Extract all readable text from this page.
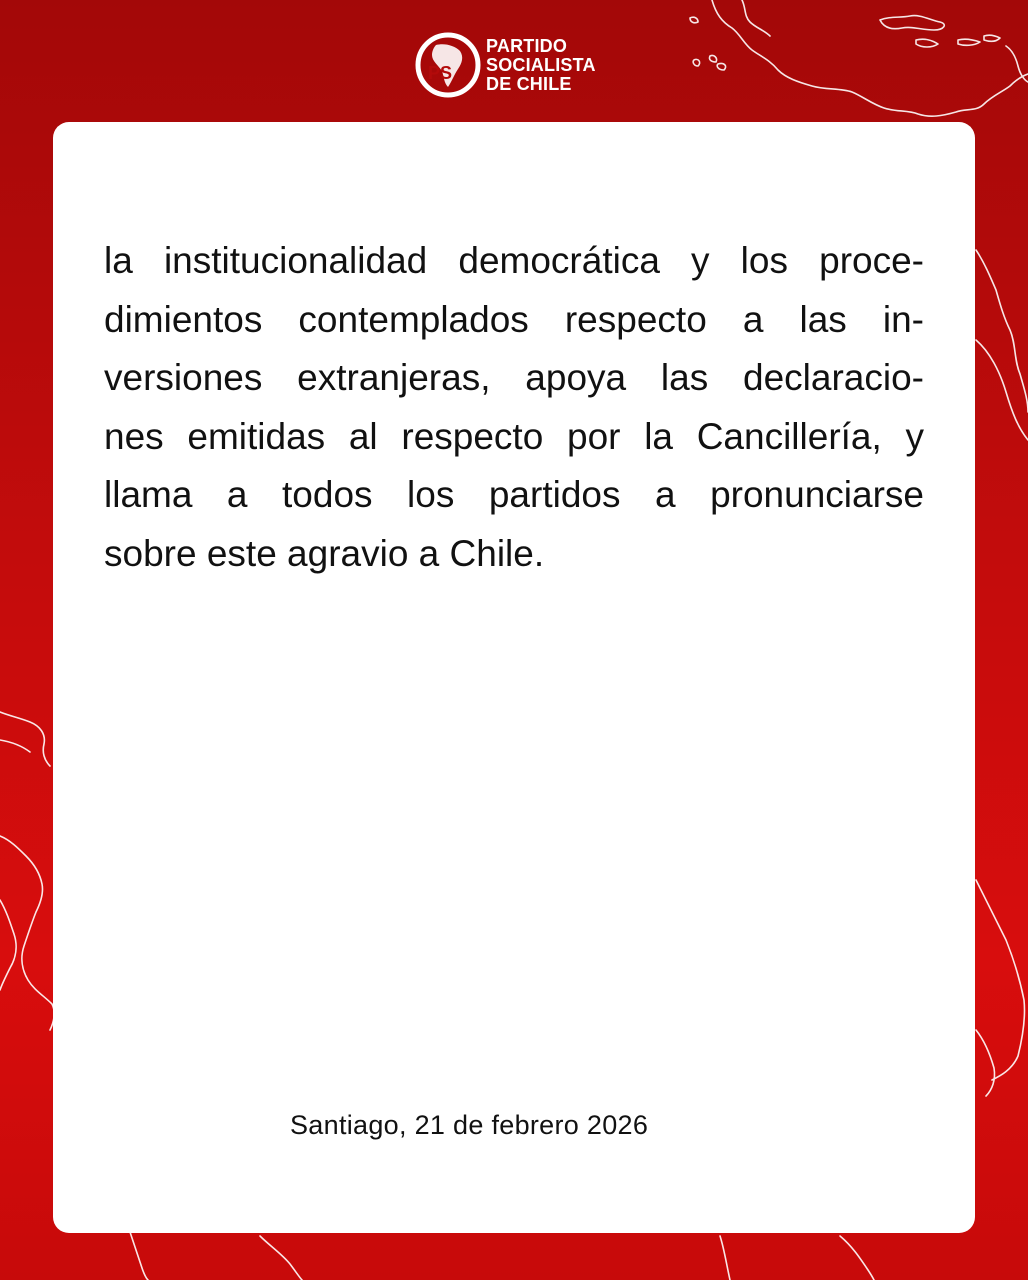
PS
PARTIDO
SOCIALISTA
DE CHILE

la institucionalidad democrática y los proce-
dimientos contemplados respecto a las in-
versiones extranjeras, apoya las declaracio-
nes emitidas al respecto por la Cancillería, y
llama a todos los partidos a pronunciarse
sobre este agravio a Chile.

Santiago, 21 de febrero 2026
